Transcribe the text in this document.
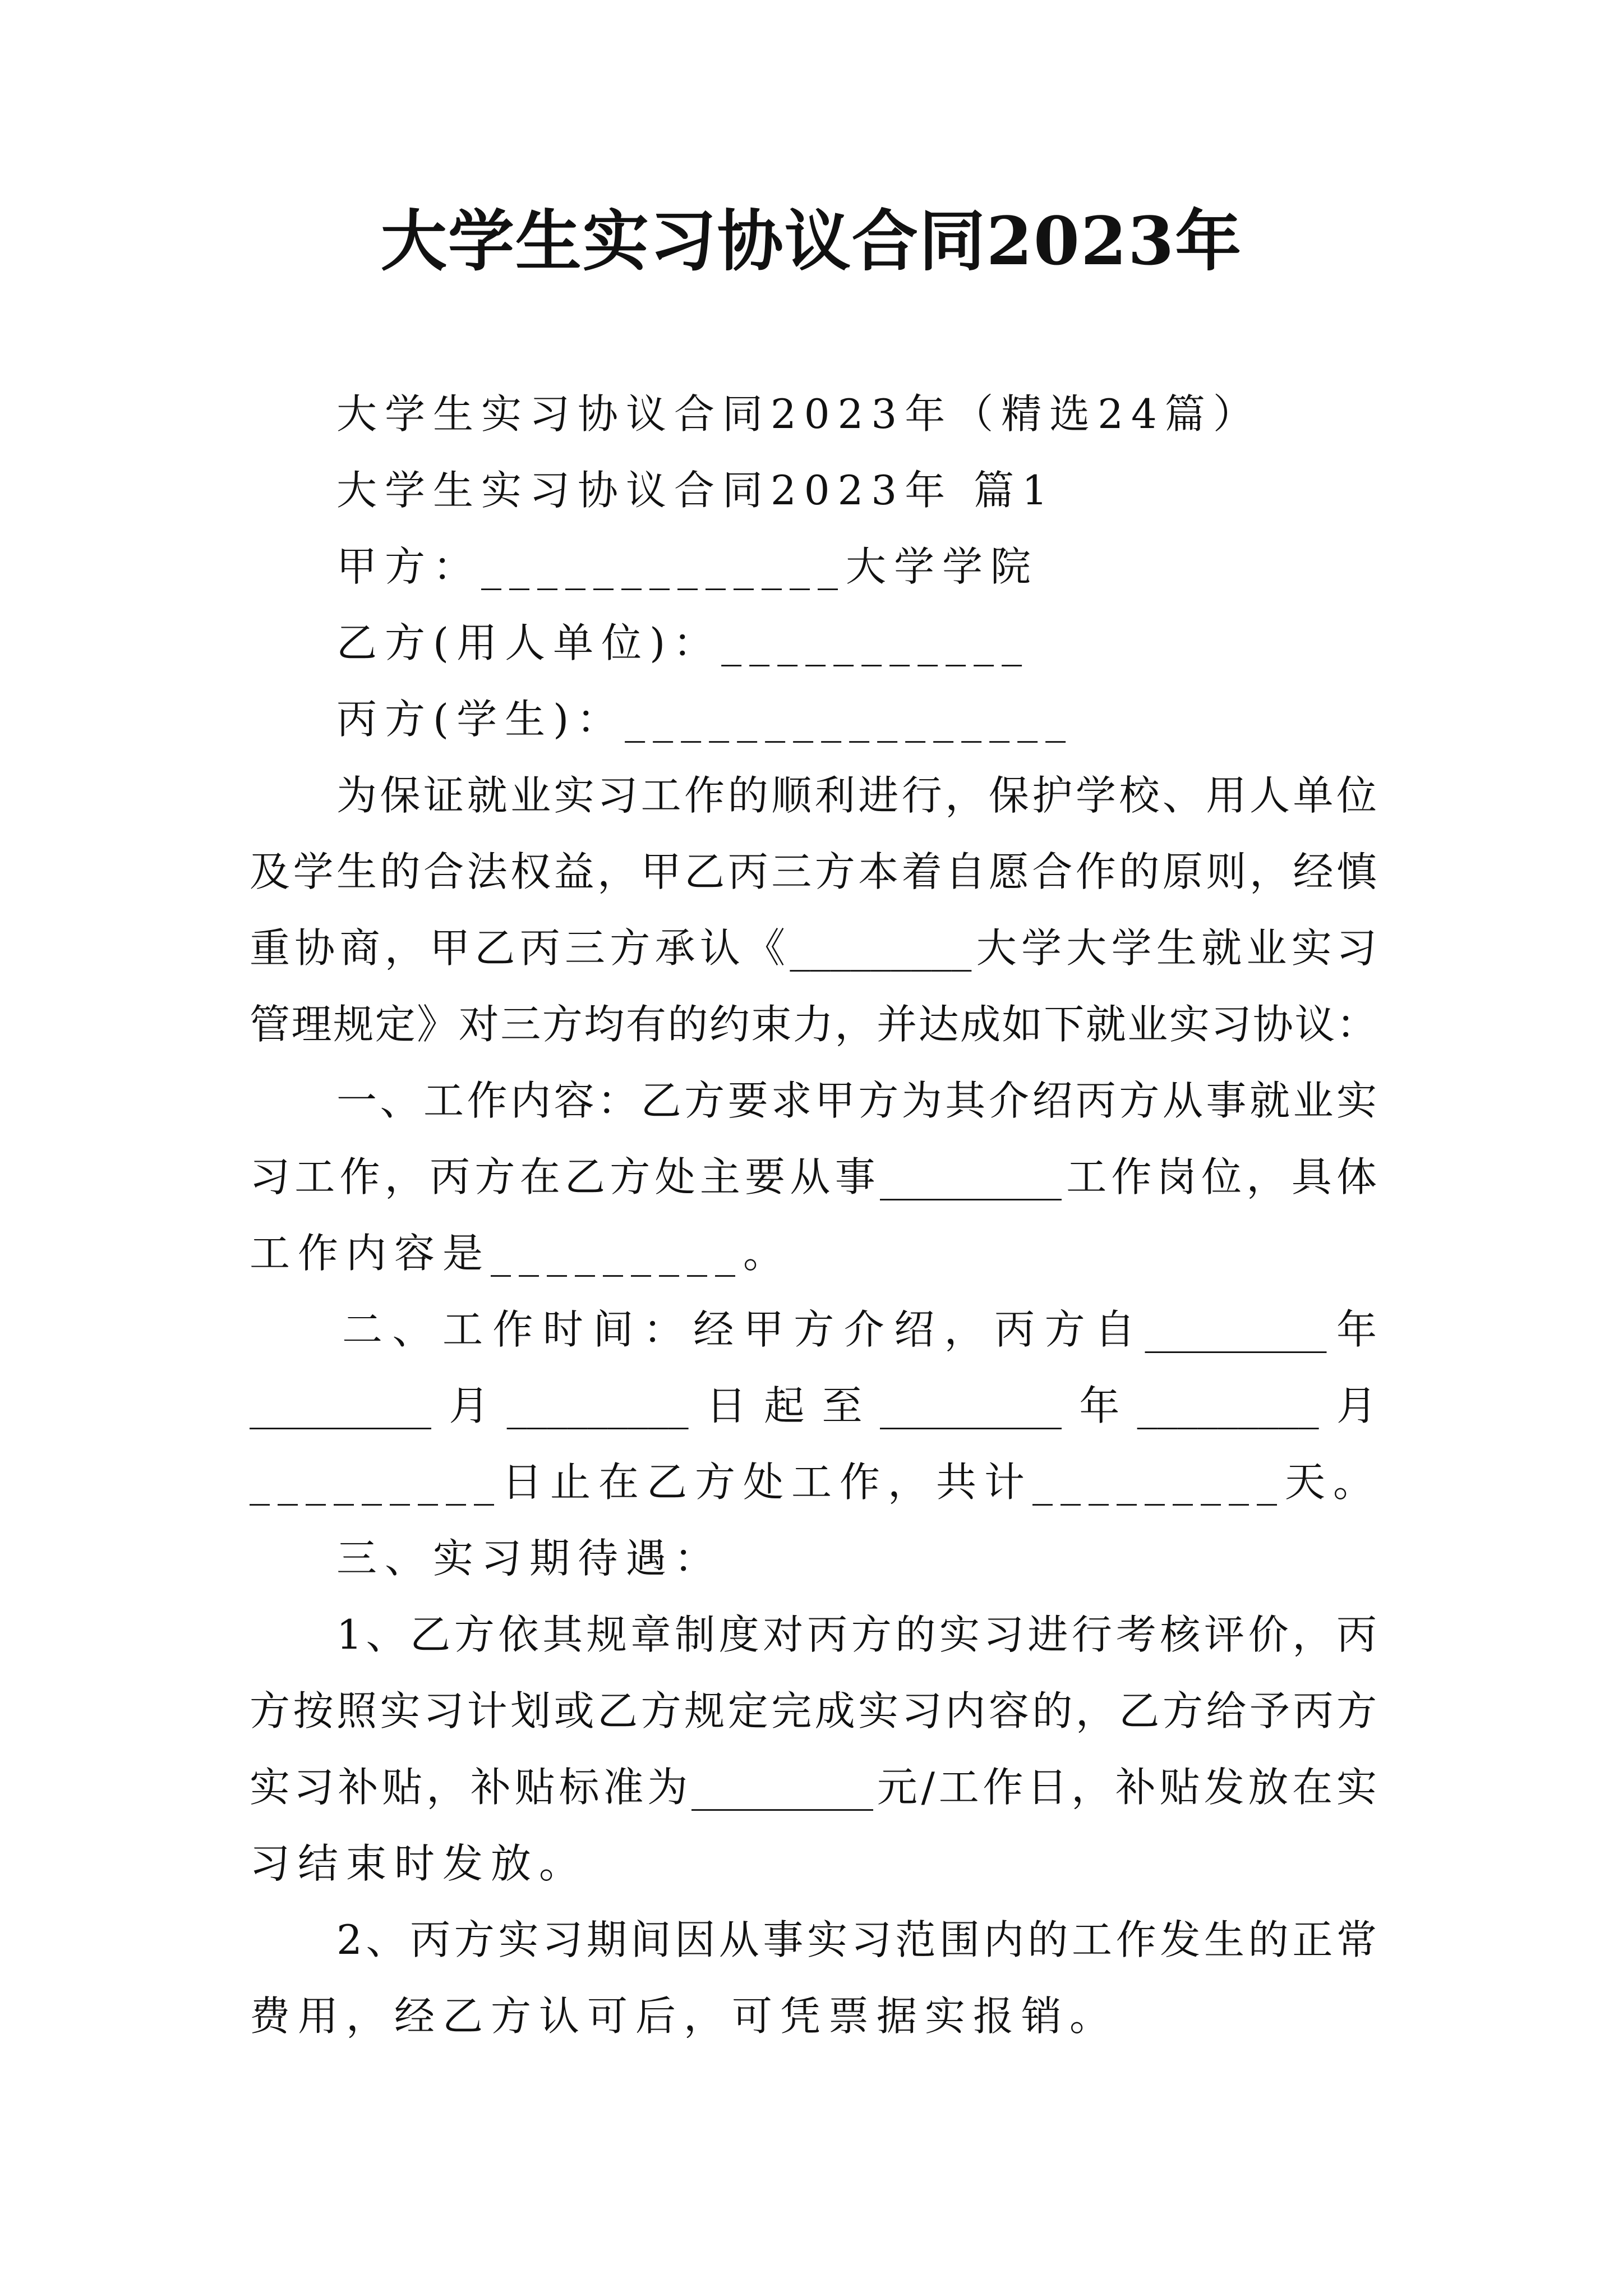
大学生实习协议合同2023年
大学生实习协议合同2023年（精选24篇）
大学生实习协议合同2023年 篇1
甲方：_____________大学学院
乙方(用人单位)：___________
丙方(学生)：________________
为保证就业实习工作的顺利进行，保护学校、用人单位
及学生的合法权益，甲乙丙三方本着自愿合作的原则，经慎
重协商，甲乙丙三方承认《_________大学大学生就业实习
管理规定》对三方均有的约束力，并达成如下就业实习协议：
一、工作内容：乙方要求甲方为其介绍丙方从事就业实
习工作，丙方在乙方处主要从事_________工作岗位，具体
工作内容是_________。
二、工作时间：经甲方介绍，丙方自_________年
_________月_________日起至_________年_________月
_________日止在乙方处工作，共计_________天。
三、实习期待遇：
1、乙方依其规章制度对丙方的实习进行考核评价，丙
方按照实习计划或乙方规定完成实习内容的，乙方给予丙方
实习补贴，补贴标准为_________元/工作日，补贴发放在实
习结束时发放。
2、丙方实习期间因从事实习范围内的工作发生的正常
费用，经乙方认可后，可凭票据实报销。
